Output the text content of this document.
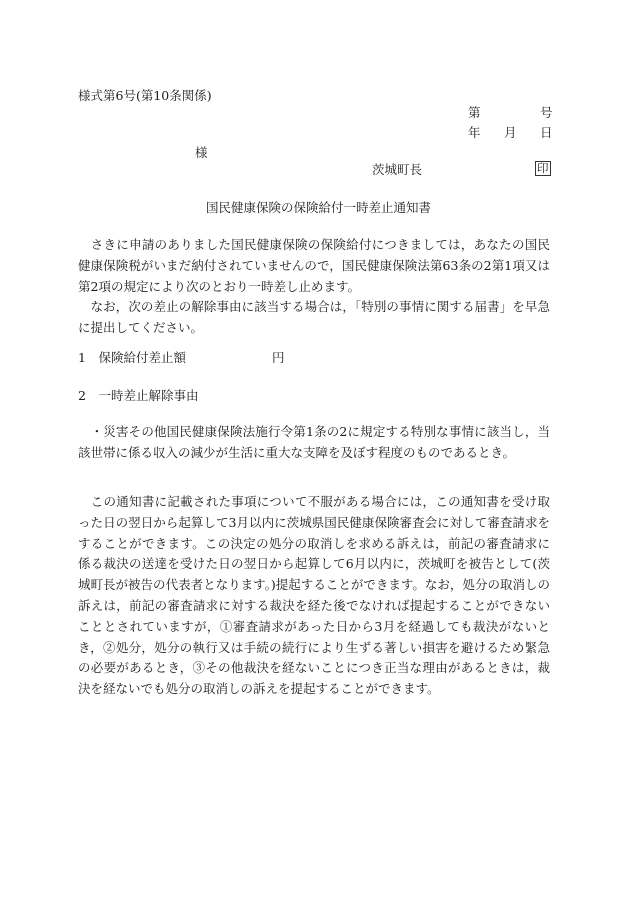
様式第6号(第10条関係)
第	号
年 月 日
様
茨城町長	印
国民健康保険の保険給付一時差止通知書
　さきに申請のありました国民健康保険の保険給付につきましては，あなたの国民健康保険税がいまだ納付されていませんので，国民健康保険法第63条の2第1項又は第2項の規定により次のとおり一時差し止めます。
　なお，次の差止の解除事由に該当する場合は，「特別の事情に関する届書」を早急に提出してください。
1　保険給付差止額	円
2　一時差止解除事由
　・災害その他国民健康保険法施行令第1条の2に規定する特別な事情に該当し，当該世帯に係る収入の減少が生活に重大な支障を及ぼす程度のものであるとき。
　この通知書に記載された事項について不服がある場合には，この通知書を受け取った日の翌日から起算して3月以内に茨城県国民健康保険審査会に対して審査請求をすることができます。この決定の処分の取消しを求める訴えは，前記の審査請求に係る裁決の送達を受けた日の翌日から起算して6月以内に，茨城町を被告として(茨城町長が被告の代表者となります。)提起することができます。なお，処分の取消しの訴えは，前記の審査請求に対する裁決を経た後でなければ提起することができないこととされていますが，①審査請求があった日から3月を経過しても裁決がないとき，②処分，処分の執行又は手続の続行により生ずる著しい損害を避けるため緊急の必要があるとき，③その他裁決を経ないことにつき正当な理由があるときは，裁決を経ないでも処分の取消しの訴えを提起することができます。
